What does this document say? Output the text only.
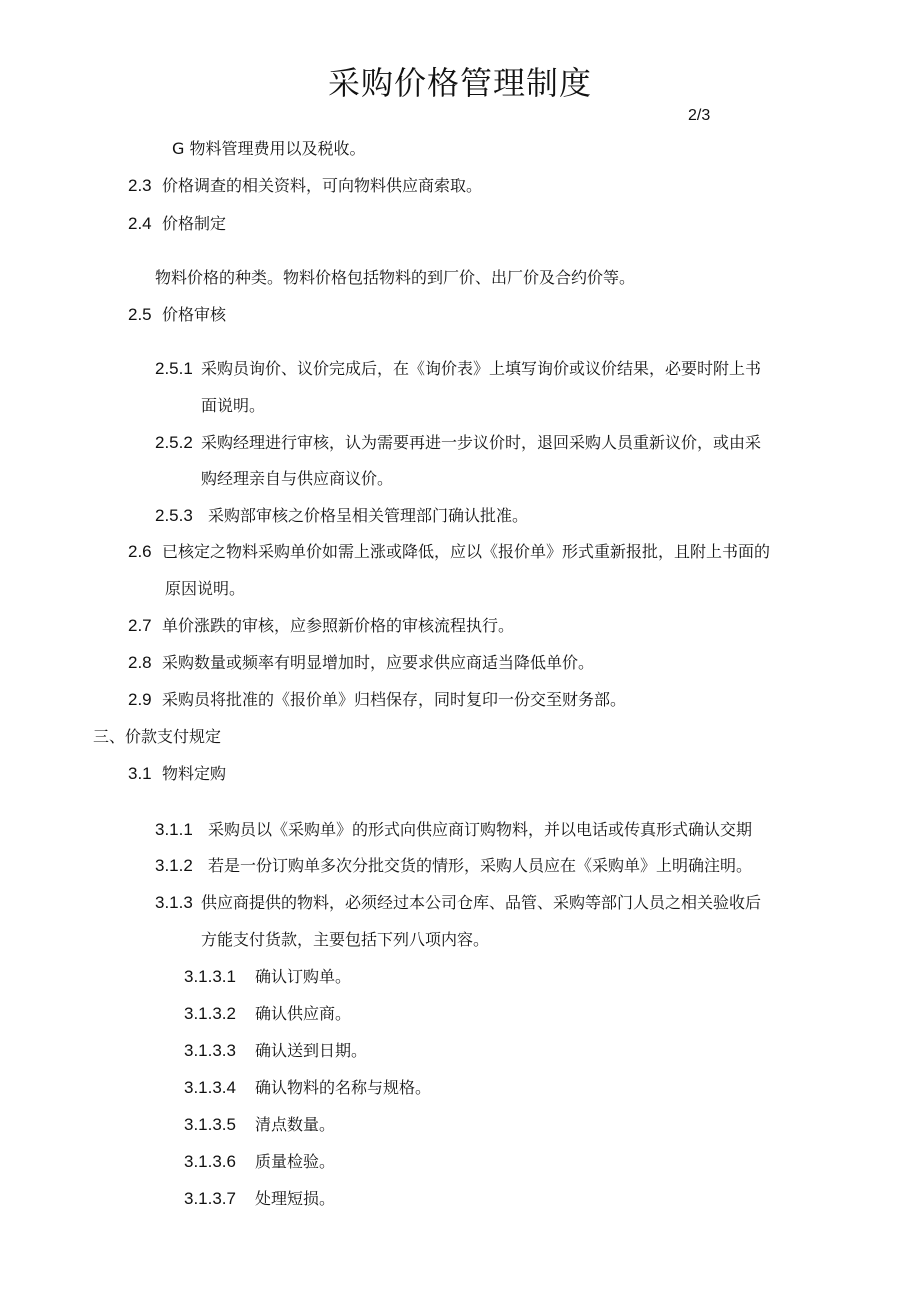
采购价格管理制度
2/3
G 物料管理费用以及税收。
2.3 价格调查的相关资料，可向物料供应商索取。
2.4 价格制定
物料价格的种类。物料价格包括物料的到厂价、出厂价及合约价等。
2.5 价格审核
2.5.1 采购员询价、议价完成后，在《询价表》上填写询价或议价结果，必要时附上书
面说明。
2.5.2 采购经理进行审核，认为需要再进一步议价时，退回采购人员重新议价，或由采
购经理亲自与供应商议价。
2.5.3 采购部审核之价格呈相关管理部门确认批准。
2.6 已核定之物料采购单价如需上涨或降低，应以《报价单》形式重新报批，且附上书面的
原因说明。
2.7 单价涨跌的审核，应参照新价格的审核流程执行。
2.8 采购数量或频率有明显增加时，应要求供应商适当降低单价。
2.9 采购员将批准的《报价单》归档保存，同时复印一份交至财务部。
三、价款支付规定
3.1 物料定购
3.1.1 采购员以《采购单》的形式向供应商订购物料，并以电话或传真形式确认交期
3.1.2 若是一份订购单多次分批交货的情形，采购人员应在《采购单》上明确注明。
3.1.3 供应商提供的物料，必须经过本公司仓库、品管、采购等部门人员之相关验收后
方能支付货款，主要包括下列八项内容。
3.1.3.1 确认订购单。
3.1.3.2 确认供应商。
3.1.3.3 确认送到日期。
3.1.3.4 确认物料的名称与规格。
3.1.3.5 清点数量。
3.1.3.6 质量检验。
3.1.3.7 处理短损。
